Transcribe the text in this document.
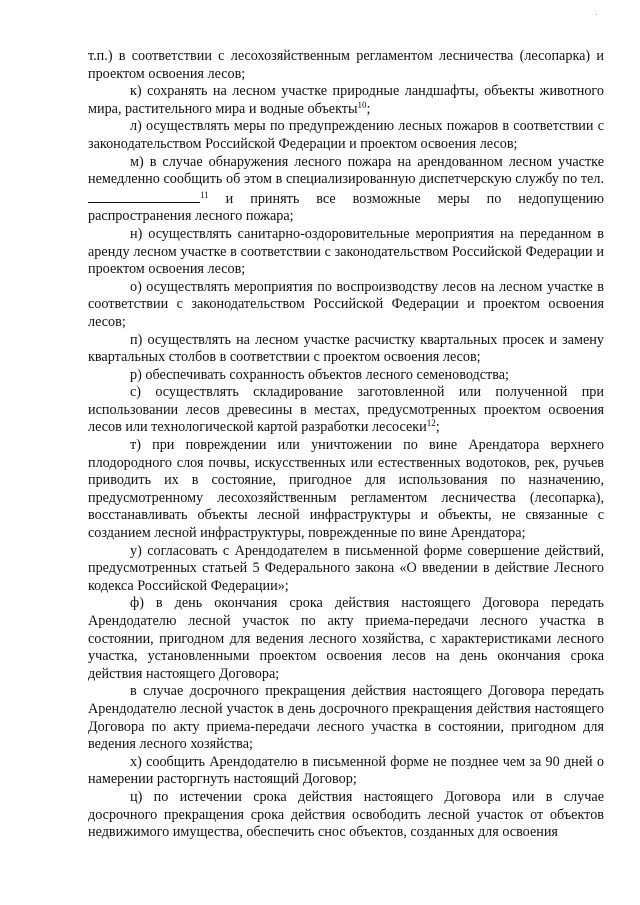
т.п.) в соответствии с лесохозяйственным регламентом лесничества (лесопарка) и проектом освоения лесов;

к) сохранять на лесном участке природные ландшафты, объекты животного мира, растительного мира и водные объекты$^{10}$;

л) осуществлять меры по предупреждению лесных пожаров в соответствии с законодательством Российской Федерации и проектом освоения лесов;

м) в случае обнаружения лесного пожара на арендованном лесном участке немедленно сообщить об этом в специализированную диспетчерскую службу по тел. $^{11}$ и принять все возможные меры по недопущению распространения лесного пожара;

н) осуществлять санитарно-оздоровительные мероприятия на переданном в аренду лесном участке в соответствии с законодательством Российской Федерации и проектом освоения лесов;

о) осуществлять мероприятия по воспроизводству лесов на лесном участке в соответствии с законодательством Российской Федерации и проектом освоения лесов;

п) осуществлять на лесном участке расчистку квартальных просек и замену квартальных столбов в соответствии с проектом освоения лесов;

р) обеспечивать сохранность объектов лесного семеноводства;

с) осуществлять складирование заготовленной или полученной при использовании лесов древесины в местах, предусмотренных проектом освоения лесов или технологической картой разработки лесосеки$^{12}$;

т) при повреждении или уничтожении по вине Арендатора верхнего плодородного слоя почвы, искусственных или естественных водотоков, рек, ручьев приводить их в состояние, пригодное для использования по назначению, предусмотренному лесохозяйственным регламентом лесничества (лесопарка), восстанавливать объекты лесной инфраструктуры и объекты, не связанные с созданием лесной инфраструктуры, поврежденные по вине Арендатора;

у) согласовать с Арендодателем в письменной форме совершение действий, предусмотренных статьей 5 Федерального закона «О введении в действие Лесного кодекса Российской Федерации»;

ф) в день окончания срока действия настоящего Договора передать Арендодателю лесной участок по акту приема-передачи лесного участка в состоянии, пригодном для ведения лесного хозяйства, с характеристиками лесного участка, установленными проектом освоения лесов на день окончания срока действия настоящего Договора;

в случае досрочного прекращения действия настоящего Договора передать Арендодателю лесной участок в день досрочного прекращения действия настоящего Договора по акту приема-передачи лесного участка в состоянии, пригодном для ведения лесного хозяйства;

х) сообщить Арендодателю в письменной форме не позднее чем за 90 дней о намерении расторгнуть настоящий Договор;

ц) по истечении срока действия настоящего Договора или в случае досрочного прекращения срока действия освободить лесной участок от объектов недвижимого имущества, обеспечить снос объектов, созданных для освоения
